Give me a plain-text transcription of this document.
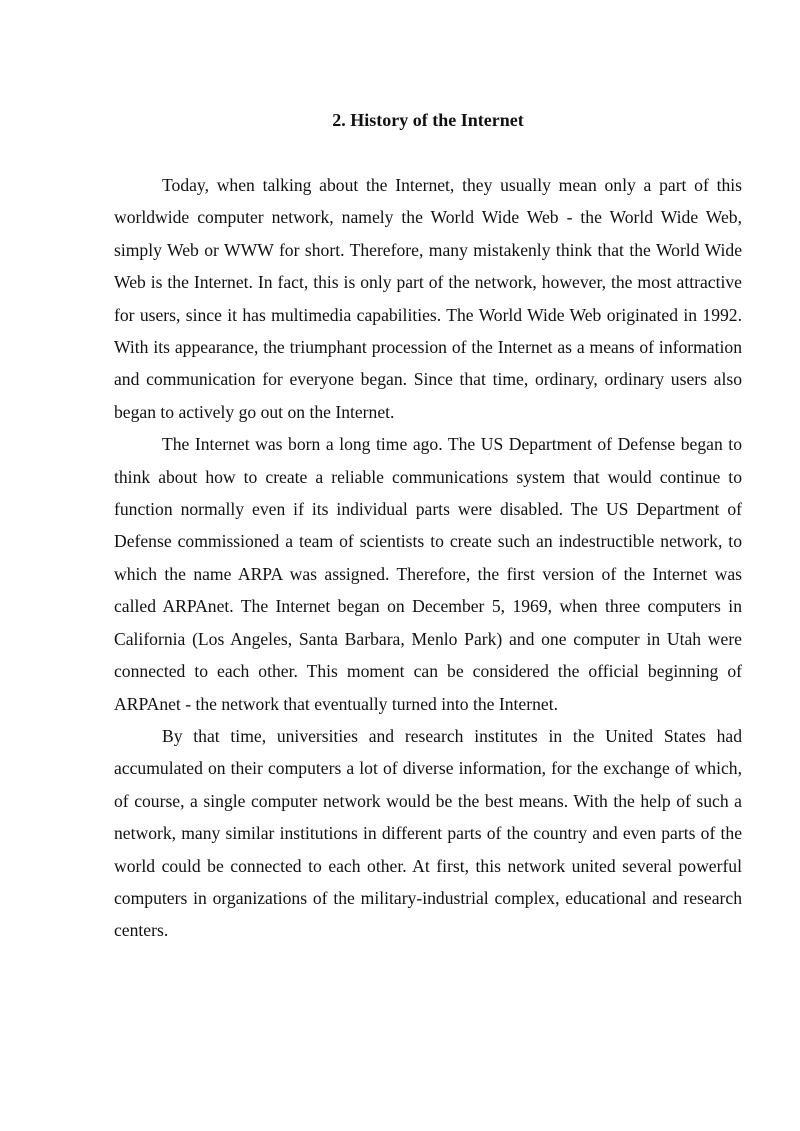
2. History of the Internet

Today, when talking about the Internet, they usually mean only a part of this worldwide computer network, namely the World Wide Web - the World Wide Web, simply Web or WWW for short. Therefore, many mistakenly think that the World Wide Web is the Internet. In fact, this is only part of the network, however, the most attractive for users, since it has multimedia capabilities. The World Wide Web originated in 1992. With its appearance, the triumphant procession of the Internet as a means of information and communication for everyone began. Since that time, ordinary, ordinary users also began to actively go out on the Internet.

The Internet was born a long time ago. The US Department of Defense began to think about how to create a reliable communications system that would continue to function normally even if its individual parts were disabled. The US Department of Defense commissioned a team of scientists to create such an indestructible network, to which the name ARPA was assigned. Therefore, the first version of the Internet was called ARPAnet. The Internet began on December 5, 1969, when three computers in California (Los Angeles, Santa Barbara, Menlo Park) and one computer in Utah were connected to each other. This moment can be considered the official beginning of ARPAnet - the network that eventually turned into the Internet.

By that time, universities and research institutes in the United States had accumulated on their computers a lot of diverse information, for the exchange of which, of course, a single computer network would be the best means. With the help of such a network, many similar institutions in different parts of the country and even parts of the world could be connected to each other. At first, this network united several powerful computers in organizations of the military-industrial complex, educational and research centers.
